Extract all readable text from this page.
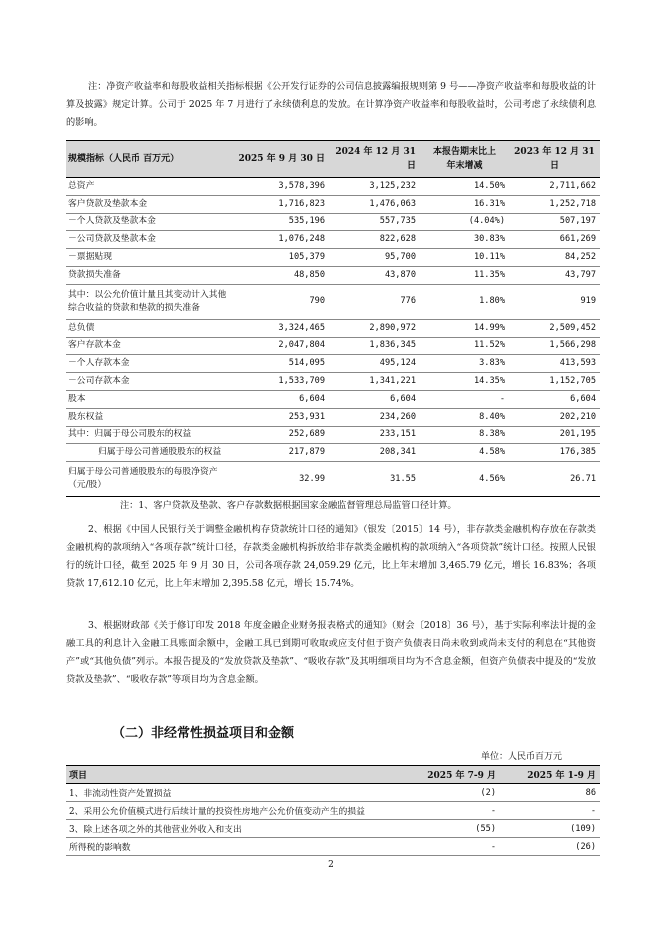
注：净资产收益率和每股收益相关指标根据《公开发行证券的公司信息披露编报规则第 9 号——净资产收益率和每股收益的计算及披露》规定计算。公司于 2025 年 7 月进行了永续债利息的发放。在计算净资产收益率和每股收益时，公司考虑了永续债利息的影响。

规模指标（人民币 百万元）	2025 年 9 月 30 日	2024 年 12 月 31 日	本报告期末比上年末增减	2023 年 12 月 31 日
总资产	3,578,396	3,125,232	14.50%	2,711,662
客户贷款及垫款本金	1,716,823	1,476,063	16.31%	1,252,718
－个人贷款及垫款本金	535,196	557,735	(4.04%)	507,197
－公司贷款及垫款本金	1,076,248	822,628	30.83%	661,269
－票据贴现	105,379	95,700	10.11%	84,252
贷款损失准备	48,850	43,870	11.35%	43,797
其中：以公允价值计量且其变动计入其他综合收益的贷款和垫款的损失准备	790	776	1.80%	919
总负债	3,324,465	2,890,972	14.99%	2,509,452
客户存款本金	2,047,804	1,836,345	11.52%	1,566,298
－个人存款本金	514,095	495,124	3.83%	413,593
－公司存款本金	1,533,709	1,341,221	14.35%	1,152,705
股本	6,604	6,604	-	6,604
股东权益	253,931	234,260	8.40%	202,210
其中：归属于母公司股东的权益	252,689	233,151	8.38%	201,195
归属于母公司普通股股东的权益	217,879	208,341	4.58%	176,385
归属于母公司普通股股东的每股净资产（元/股）	32.99	31.55	4.56%	26.71

注：1、客户贷款及垫款、客户存款数据根据国家金融监督管理总局监管口径计算。

2、根据《中国人民银行关于调整金融机构存贷款统计口径的通知》（银发〔2015〕14 号），非存款类金融机构存放在存款类金融机构的款项纳入“各项存款”统计口径，存款类金融机构拆放给非存款类金融机构的款项纳入“各项贷款”统计口径。按照人民银行的统计口径，截至 2025 年 9 月 30 日，公司各项存款 24,059.29 亿元，比上年末增加 3,465.79 亿元，增长 16.83%；各项贷款 17,612.10 亿元，比上年末增加 2,395.58 亿元，增长 15.74%。

3、根据财政部《关于修订印发 2018 年度金融企业财务报表格式的通知》（财会〔2018〕36 号），基于实际利率法计提的金融工具的利息计入金融工具账面余额中，金融工具已到期可收取或应支付但于资产负债表日尚未收到或尚未支付的利息在“其他资产”或“其他负债”列示。本报告提及的“发放贷款及垫款”、“吸收存款”及其明细项目均为不含息金额，但资产负债表中提及的“发放贷款及垫款”、“吸收存款”等项目均为含息金额。

（二）非经常性损益项目和金额
单位：人民币百万元
项目	2025 年 7-9 月	2025 年 1-9 月
1、非流动性资产处置损益	(2)	86
2、采用公允价值模式进行后续计量的投资性房地产公允价值变动产生的损益	-	-
3、除上述各项之外的其他营业外收入和支出	(55)	(109)
所得税的影响数	-	(26)
2
